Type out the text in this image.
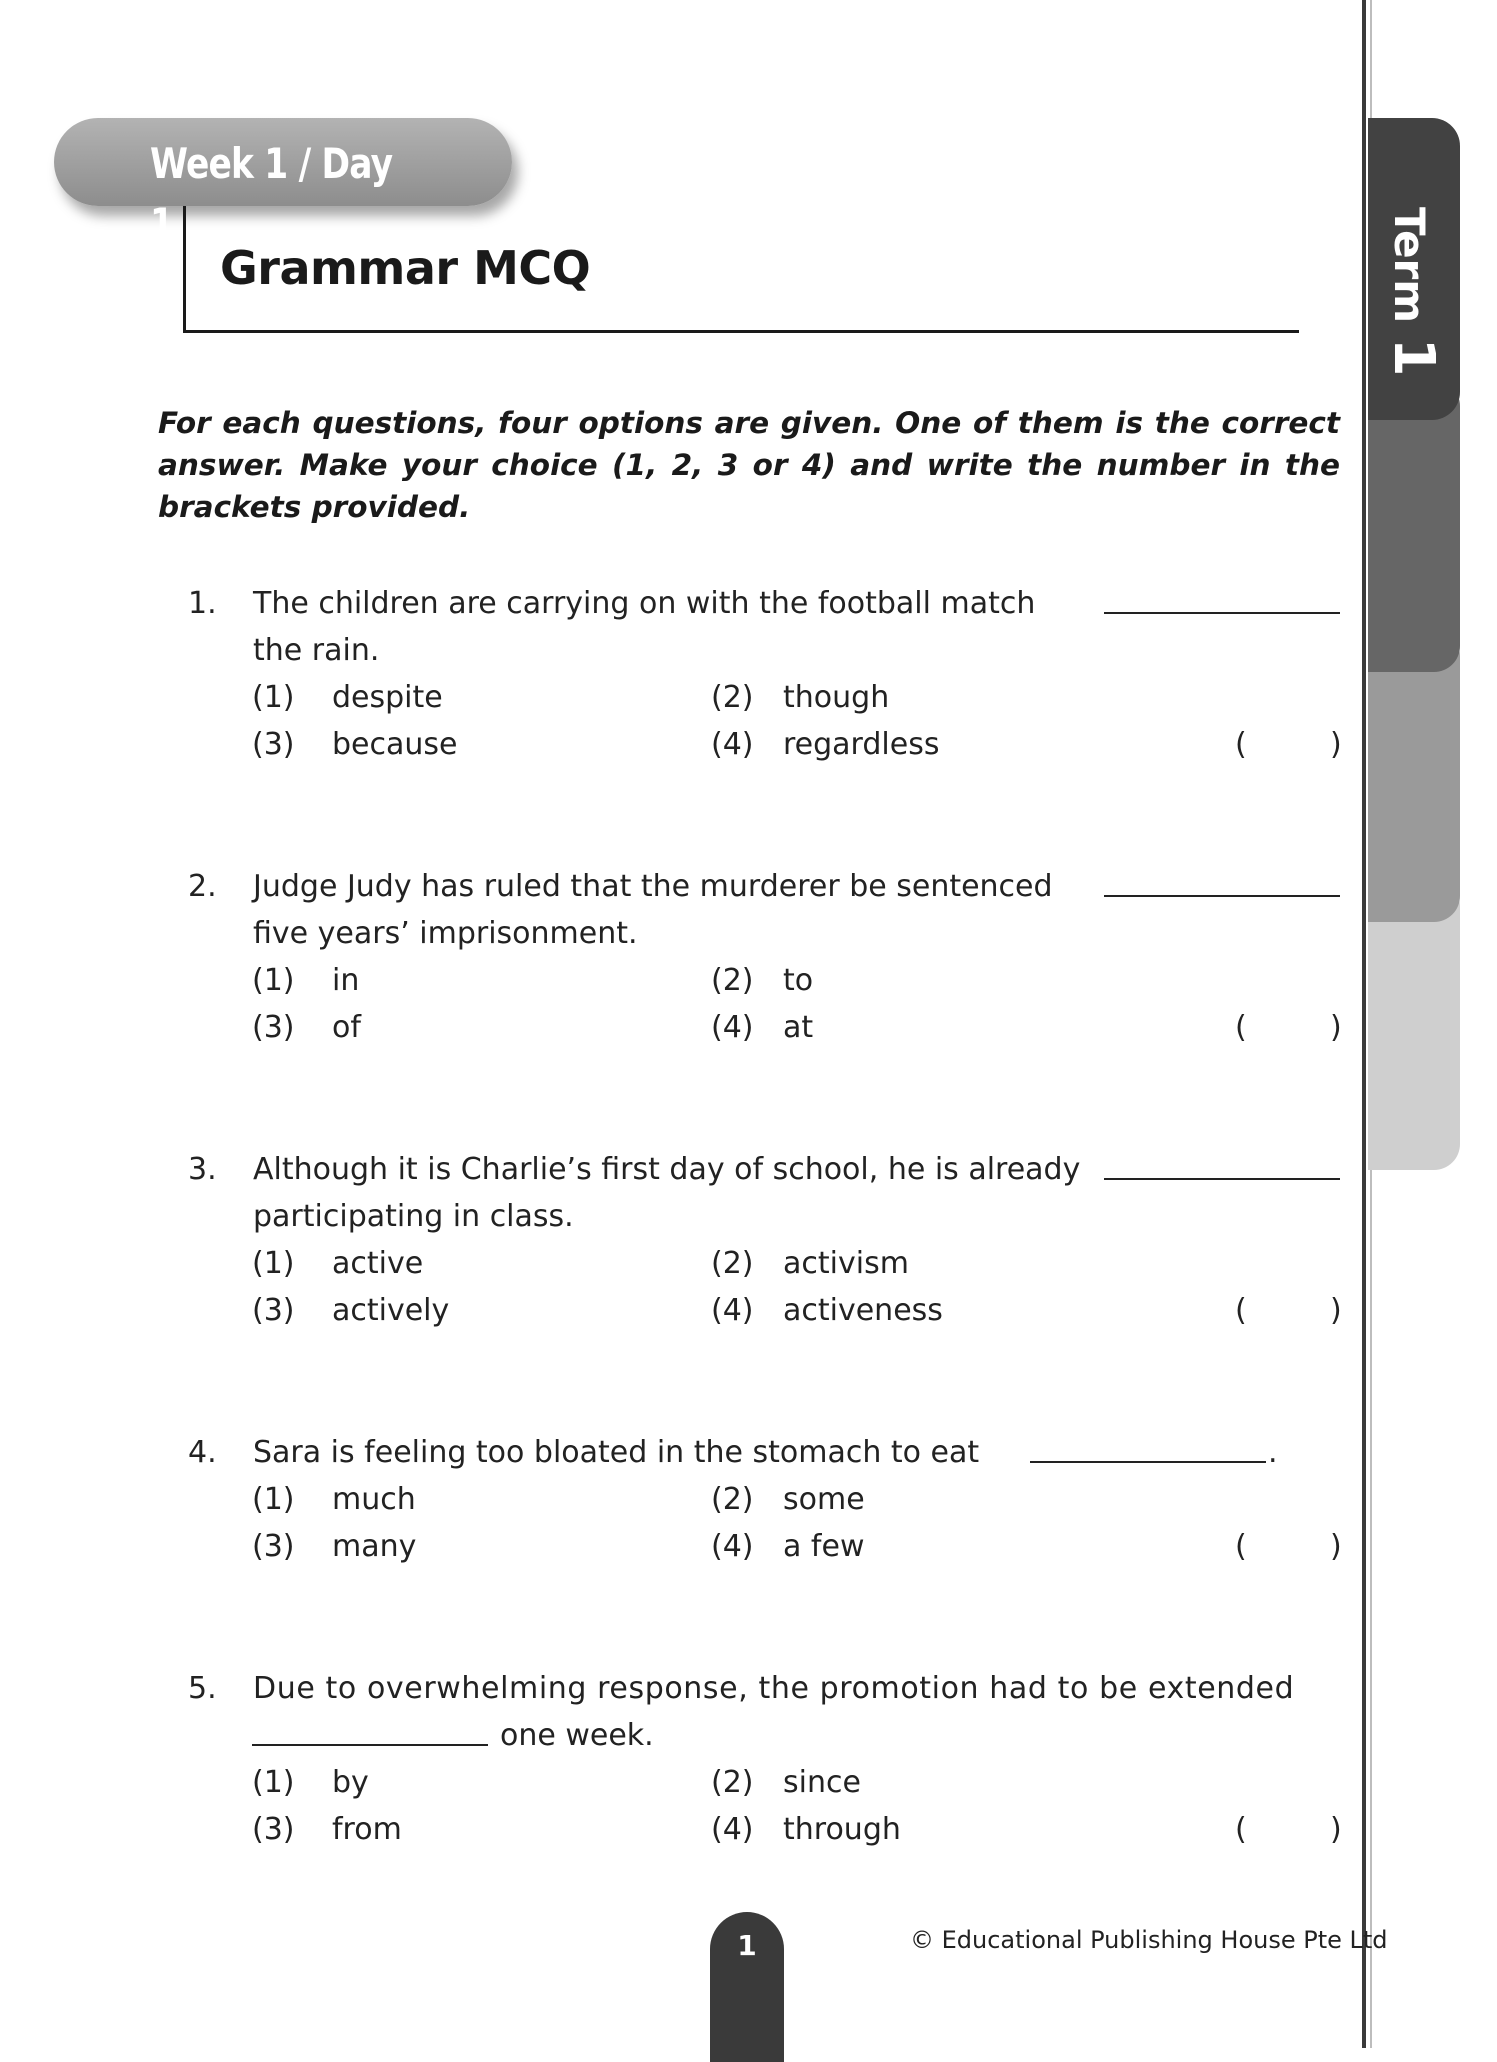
Week 1 / Day 1
Grammar MCQ	Term 1
For each questions, four options are given. One of them is the correct answer. Make your choice (1, 2, 3 or 4) and write the number in the brackets provided.
1. The children are carrying on with the football match
the rain.
(1) despite	(2) though
(3) because	(4) regardless	(	)
2. Judge Judy has ruled that the murderer be sentenced
five years’ imprisonment.
(1) in	(2) to
(3) of	(4) at	(	)
3. Although it is Charlie’s first day of school, he is already
participating in class.
(1) active	(2) activism
(3) actively	(4) activeness	(	)
4. Sara is feeling too bloated in the stomach to eat	.
(1) much	(2) some
(3) many	(4) a few	(	)
5. Due to overwhelming response, the promotion had to be extended
one week.
(1) by	(2) since
(3) from	(4) through	(	)
1	© Educational Publishing House Pte Ltd
